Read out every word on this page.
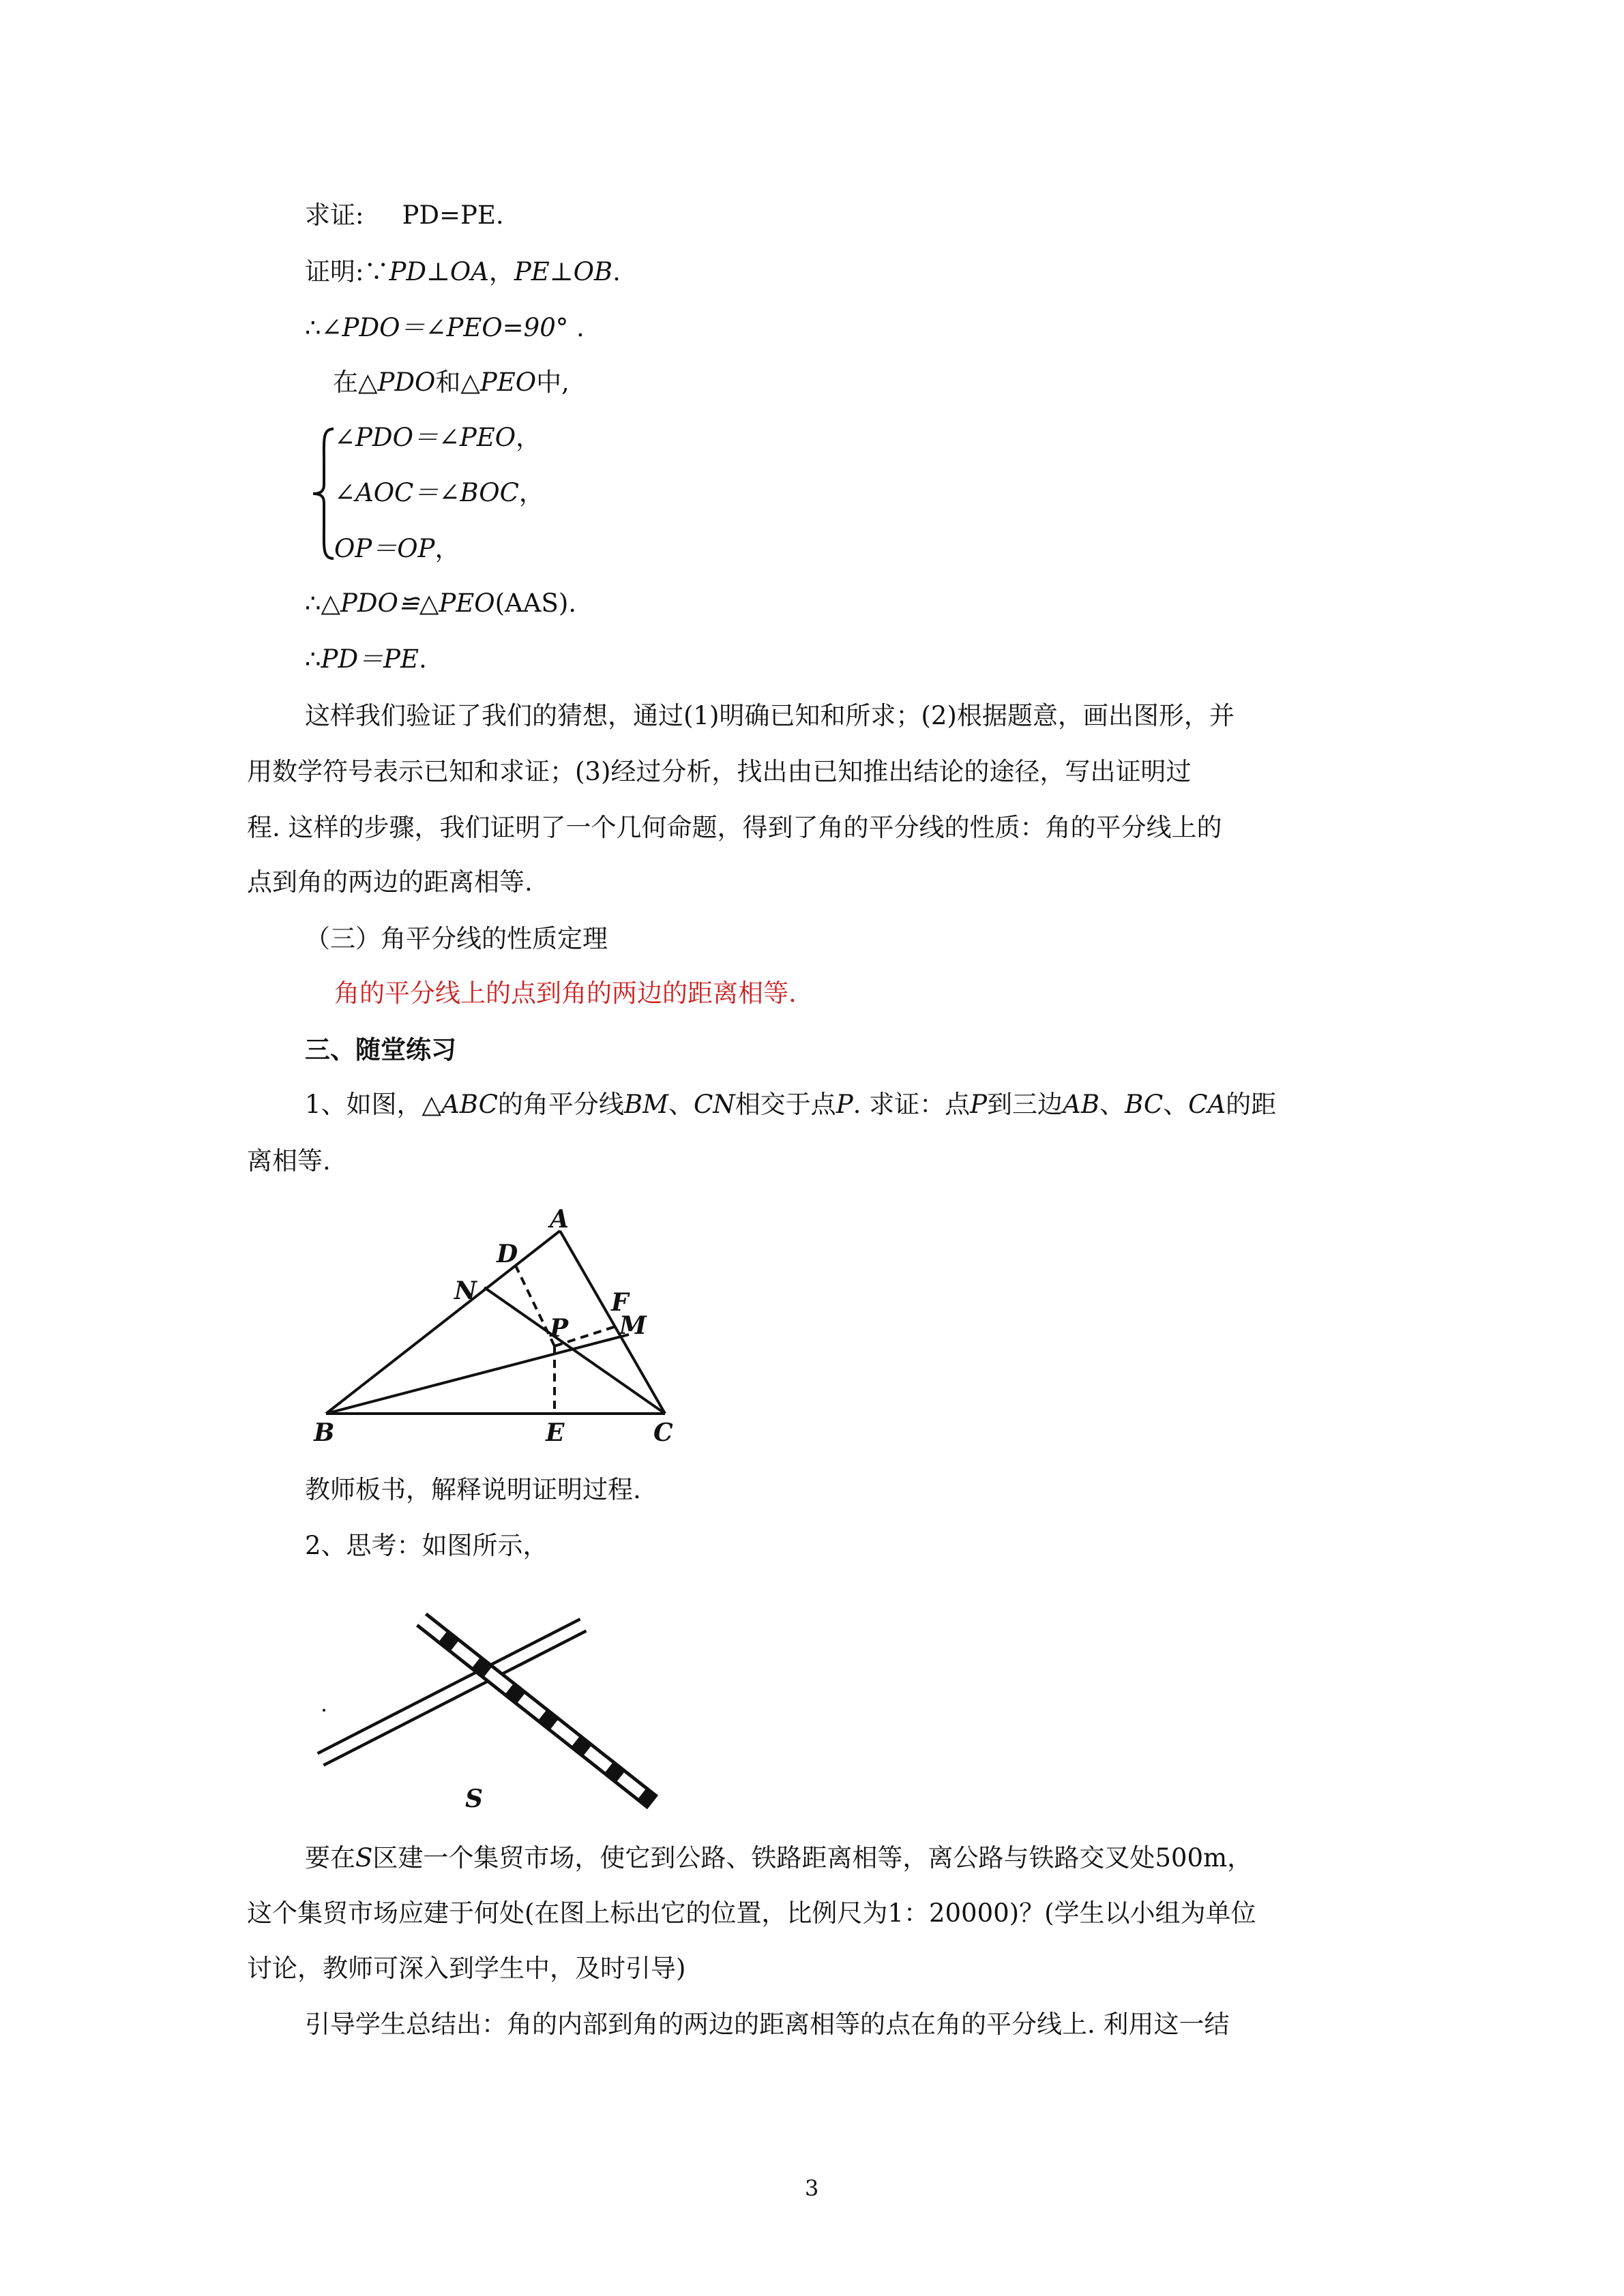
求证: PD=PE.
证明:∵PD⊥OA，PE⊥OB.
∴∠PDO＝∠PEO=90° .
在△PDO和△PEO中,
∠PDO＝∠PEO，
∠AOC＝∠BOC，
OP＝OP，
∴△PDO≌△PEO(AAS).
∴PD＝PE.
这样我们验证了我们的猜想，通过(1)明确已知和所求；(2)根据题意，画出图形，并
用数学符号表示已知和求证；(3)经过分析，找出由已知推出结论的途径，写出证明过
程. 这样的步骤，我们证明了一个几何命题，得到了角的平分线的性质：角的平分线上的
点到角的两边的距离相等.
（三）角平分线的性质定理
角的平分线上的点到角的两边的距离相等.
三、随堂练习
1、如图，△ABC的角平分线BM、CN相交于点P. 求证：点P到三边AB、BC、CA的距
离相等.
A
B	C
D
E
F
M
N
P
教师板书，解释说明证明过程.
2、思考：如图所示，
S
要在S区建一个集贸市场，使它到公路、铁路距离相等，离公路与铁路交叉处500m，
这个集贸市场应建于何处(在图上标出它的位置，比例尺为1：20000)？(学生以小组为单位
讨论，教师可深入到学生中，及时引导)
引导学生总结出：角的内部到角的两边的距离相等的点在角的平分线上. 利用这一结
3
